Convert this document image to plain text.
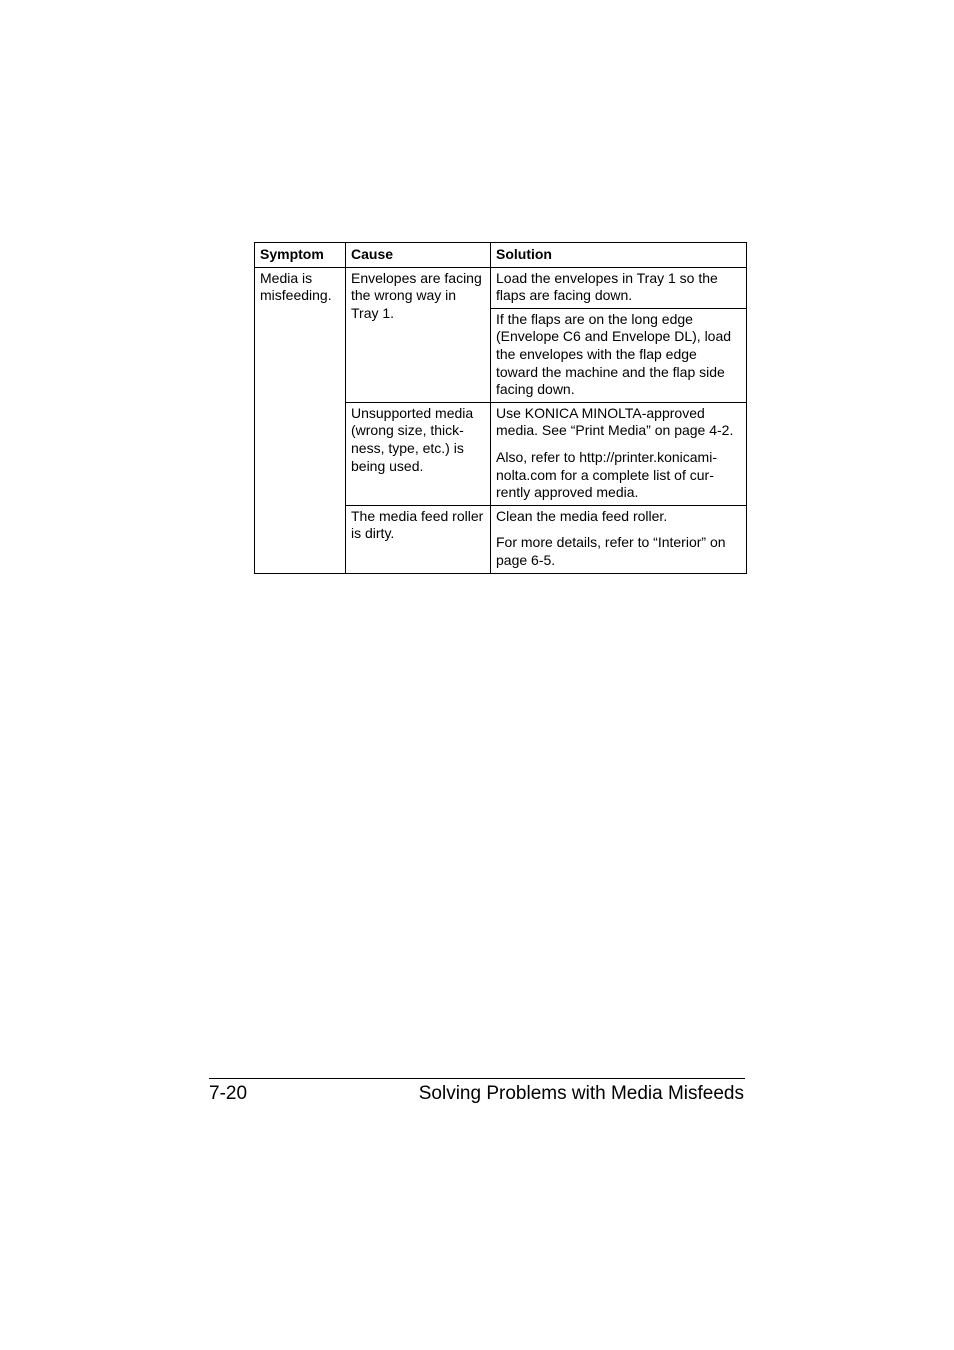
Symptom	Cause	Solution

Media is misfeeding.	Envelopes are facing the wrong way in Tray 1.	Load the envelopes in Tray 1 so the flaps are facing down.

		If the flaps are on the long edge (Envelope C6 and Envelope DL), load the envelopes with the flap edge toward the machine and the flap side facing down.

	Unsupported media (wrong size, thick-ness, type, etc.) is being used.	Use KONICA MINOLTA-approved media. See “Print Media” on page 4-2.
Also, refer to http://printer.konicami-nolta.com for a complete list of cur-rently approved media.

	The media feed roller is dirty.	Clean the media feed roller.
For more details, refer to “Interior” on page 6-5.
7-20	Solving Problems with Media Misfeeds
